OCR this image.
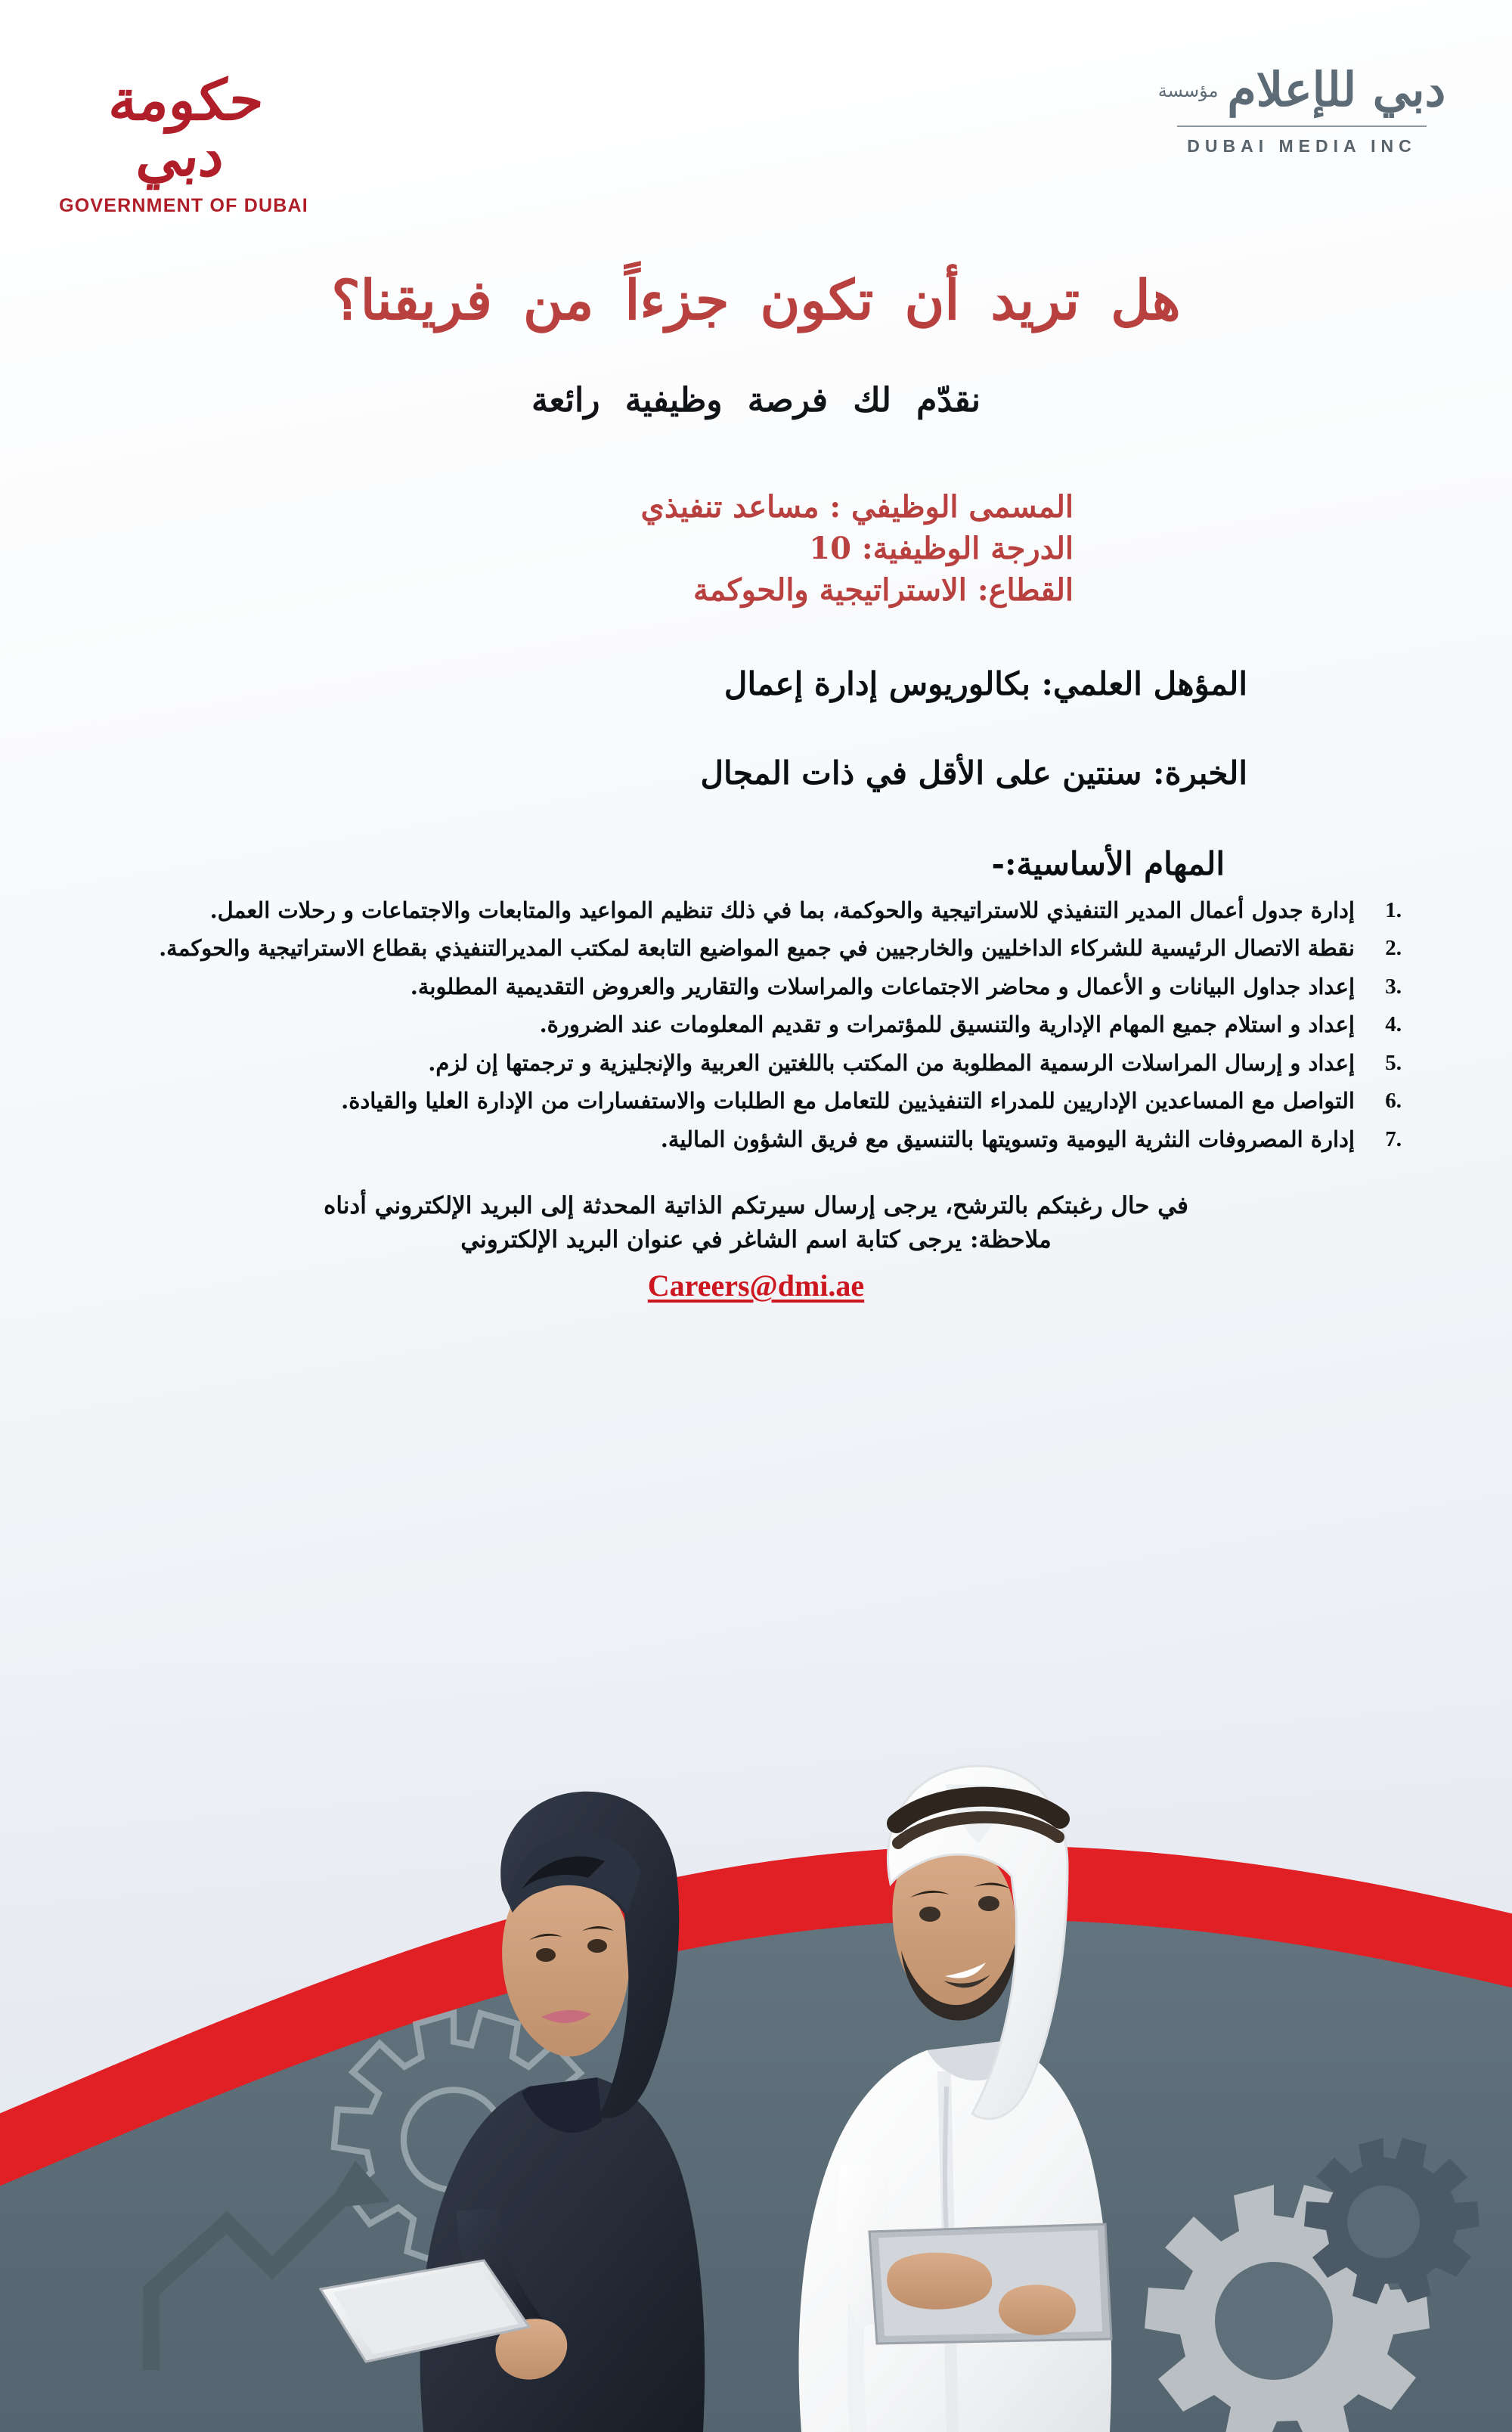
حكومة دبي
GOVERNMENT OF DUBAI
دبي للإعلام
مؤسسة
DUBAI MEDIA INC
هل تريد أن تكون جزءاً من فريقنا؟
نقدّم لك فرصة وظيفية رائعة
المسمى الوظيفي : مساعد تنفيذي
الدرجة الوظيفية: 10
القطاع: الاستراتيجية والحوكمة
المؤهل العلمي: بكالوريوس إدارة إعمال
الخبرة: سنتين على الأقل في ذات المجال
المهام الأساسية:-
إدارة جدول أعمال المدير التنفيذي للاستراتيجية والحوكمة، بما في ذلك تنظيم المواعيد والمتابعات والاجتماعات و رحلات العمل.
نقطة الاتصال الرئيسية للشركاء الداخليين والخارجيين في جميع المواضيع التابعة لمكتب المديرالتنفيذي بقطاع الاستراتيجية والحوكمة.
إعداد جداول البيانات و الأعمال و محاضر الاجتماعات والمراسلات والتقارير والعروض التقديمية المطلوبة.
إعداد و استلام جميع المهام الإدارية والتنسيق للمؤتمرات و تقديم المعلومات عند الضرورة.
إعداد و إرسال المراسلات الرسمية المطلوبة من المكتب باللغتين العربية والإنجليزية و ترجمتها إن لزم.
التواصل مع المساعدين الإداريين للمدراء التنفيذيين للتعامل مع الطلبات والاستفسارات من الإدارة العليا والقيادة.
إدارة المصروفات النثرية اليومية وتسويتها بالتنسيق مع فريق الشؤون المالية.
في حال رغبتكم بالترشح، يرجى إرسال سيرتكم الذاتية المحدثة إلى البريد الإلكتروني أدناه
ملاحظة: يرجى كتابة اسم الشاغر في عنوان البريد الإلكتروني
Careers@dmi.ae
